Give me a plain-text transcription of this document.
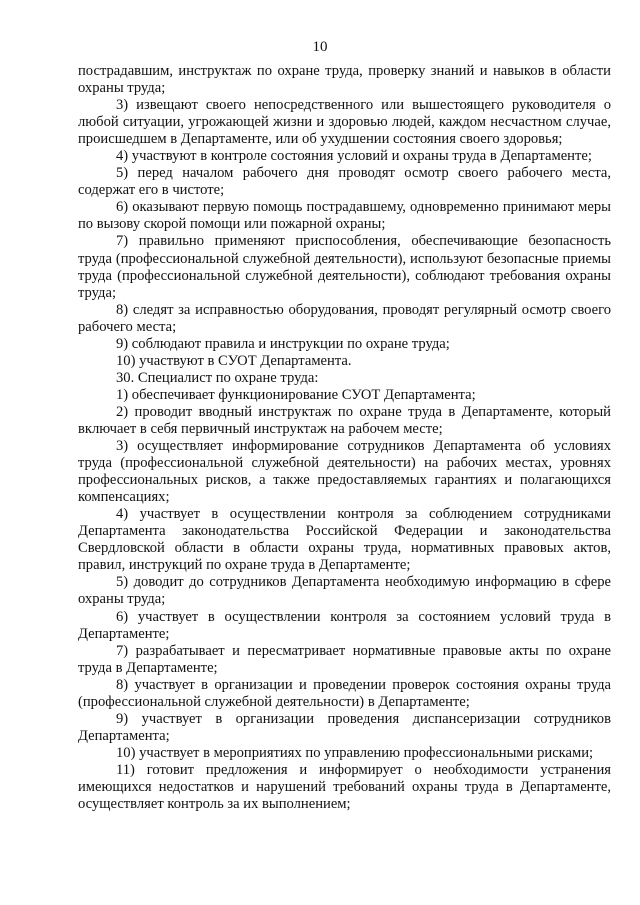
10

пострадавшим, инструктаж по охране труда, проверку знаний и навыков в области охраны труда;

3) извещают своего непосредственного или вышестоящего руководителя о любой ситуации, угрожающей жизни и здоровью людей, каждом несчастном случае, происшедшем в Департаменте, или об ухудшении состояния своего здоровья;

4) участвуют в контроле состояния условий и охраны труда в Департаменте;

5) перед началом рабочего дня проводят осмотр своего рабочего места, содержат его в чистоте;

6) оказывают первую помощь пострадавшему, одновременно принимают меры по вызову скорой помощи или пожарной охраны;

7) правильно применяют приспособления, обеспечивающие безопасность труда (профессиональной служебной деятельности), используют безопасные приемы труда (профессиональной служебной деятельности), соблюдают требования охраны труда;

8) следят за исправностью оборудования, проводят регулярный осмотр своего рабочего места;

9) соблюдают правила и инструкции по охране труда;

10) участвуют в СУОТ Департамента.

30. Специалист по охране труда:

1) обеспечивает функционирование СУОТ Департамента;

2) проводит вводный инструктаж по охране труда в Департаменте, который включает в себя первичный инструктаж на рабочем месте;

3) осуществляет информирование сотрудников Департамента об условиях труда (профессиональной служебной деятельности) на рабочих местах, уровнях профессиональных рисков, а также предоставляемых гарантиях и полагающихся компенсациях;

4) участвует в осуществлении контроля за соблюдением сотрудниками Департамента законодательства Российской Федерации и законодательства Свердловской области в области охраны труда, нормативных правовых актов, правил, инструкций по охране труда в Департаменте;

5) доводит до сотрудников Департамента необходимую информацию в сфере охраны труда;

6) участвует в осуществлении контроля за состоянием условий труда в Департаменте;

7) разрабатывает и пересматривает нормативные правовые акты по охране труда в Департаменте;

8) участвует в организации и проведении проверок состояния охраны труда (профессиональной служебной деятельности) в Департаменте;

9) участвует в организации проведения диспансеризации сотрудников Департамента;

10) участвует в мероприятиях по управлению профессиональными рисками;

11) готовит предложения и информирует о необходимости устранения имеющихся недостатков и нарушений требований охраны труда в Департаменте, осуществляет контроль за их выполнением;
